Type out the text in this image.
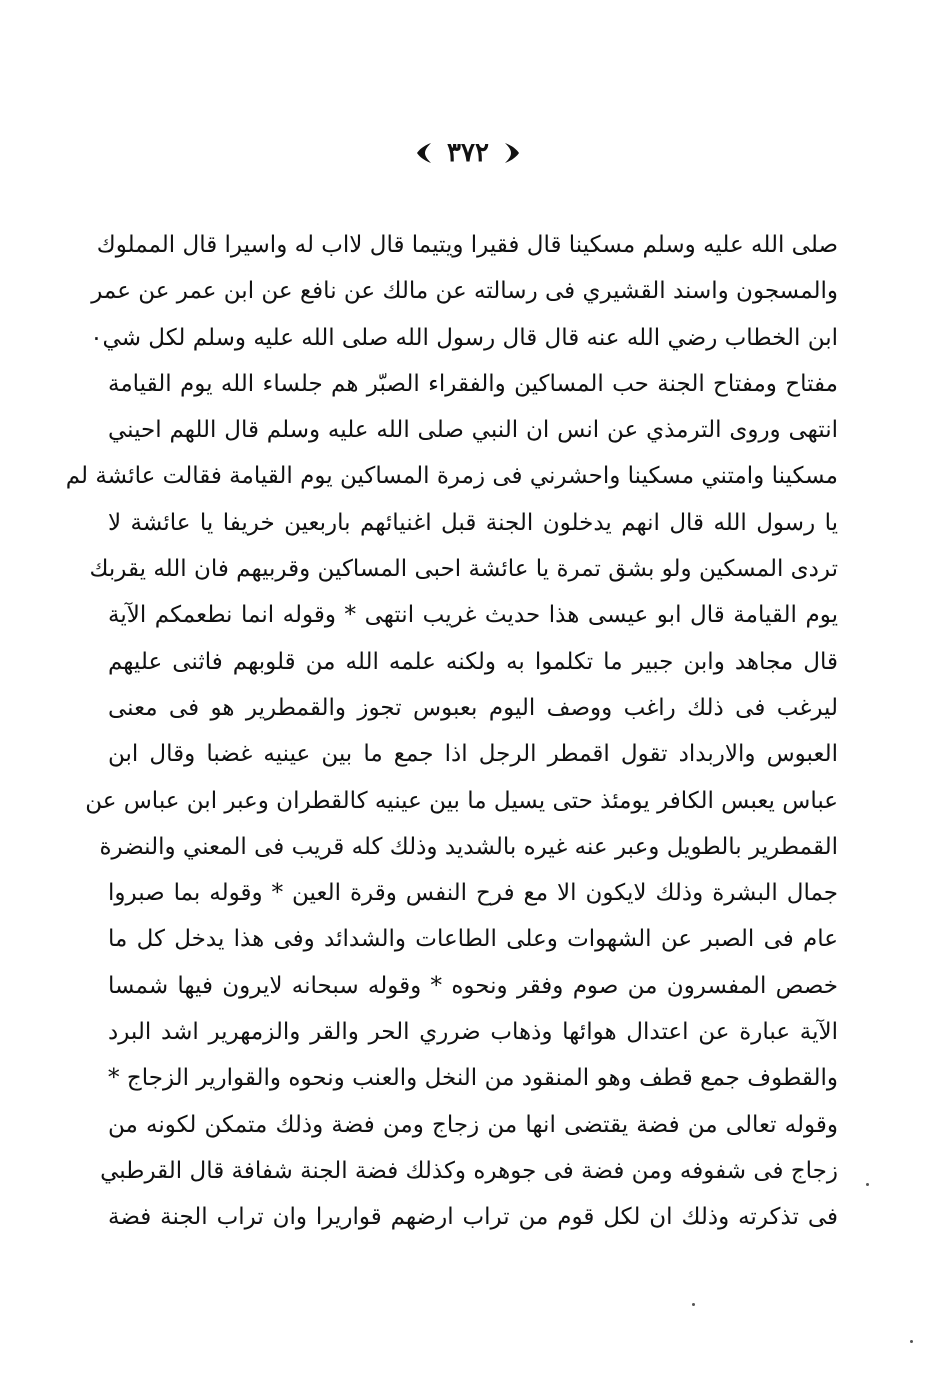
٣٧٢
صلى الله عليه وسلم مسكينا قال فقيرا ويتيما قال لااب له واسيرا قال المملوك
والمسجون واسند القشيري فى رسالته عن مالك عن نافع عن ابن عمر عن عمر
ابن الخطاب رضي الله عنه قال قال رسول الله صلى الله عليه وسلم لكل شي٠
مفتاح ومفتاح الجنة حب المساكين والفقراء الصبّر هم جلساء الله يوم القيامة
انتهى وروى الترمذي عن انس ان النبي صلى الله عليه وسلم قال اللهم احيني
مسكينا وامتني مسكينا واحشرني فى زمرة المساكين يوم القيامة فقالت عائشة لم
يا رسول الله قال انهم يدخلون الجنة قبل اغنيائهم باربعين خريفا يا عائشة لا
تردى المسكين ولو بشق تمرة يا عائشة احبى المساكين وقربيهم فان الله يقربك
يوم القيامة قال ابو عيسى هذا حديث غريب انتهى * وقوله انما نطعمكم الآية
قال مجاهد وابن جبير ما تكلموا به ولكنه علمه الله من قلوبهم فاثنى عليهم
ليرغب فى ذلك راغب ووصف اليوم بعبوس تجوز والقمطرير هو فى معنى
العبوس والاربداد تقول اقمطر الرجل اذا جمع ما بين عينيه غضبا وقال ابن
عباس يعبس الكافر يومئذ حتى يسيل ما بين عينيه كالقطران وعبر ابن عباس عن
القمطرير بالطويل وعبر عنه غيره بالشديد وذلك كله قريب فى المعني والنضرة
جمال البشرة وذلك لايكون الا مع فرح النفس وقرة العين * وقوله بما صبروا
عام فى الصبر عن الشهوات وعلى الطاعات والشدائد وفى هذا يدخل كل ما
خصص المفسرون من صوم وفقر ونحوه * وقوله سبحانه لايرون فيها شمسا
الآية عبارة عن اعتدال هوائها وذهاب ضرري الحر والقر والزمهرير اشد البرد
والقطوف جمع قطف وهو المنقود من النخل والعنب ونحوه والقوارير الزجاج *
وقوله تعالى من فضة يقتضى انها من زجاج ومن فضة وذلك متمكن لكونه من
زجاج فى شفوفه ومن فضة فى جوهره وكذلك فضة الجنة شفافة قال القرطبي
فى تذكرته وذلك ان لكل قوم من تراب ارضهم قواريرا وان تراب الجنة فضة
